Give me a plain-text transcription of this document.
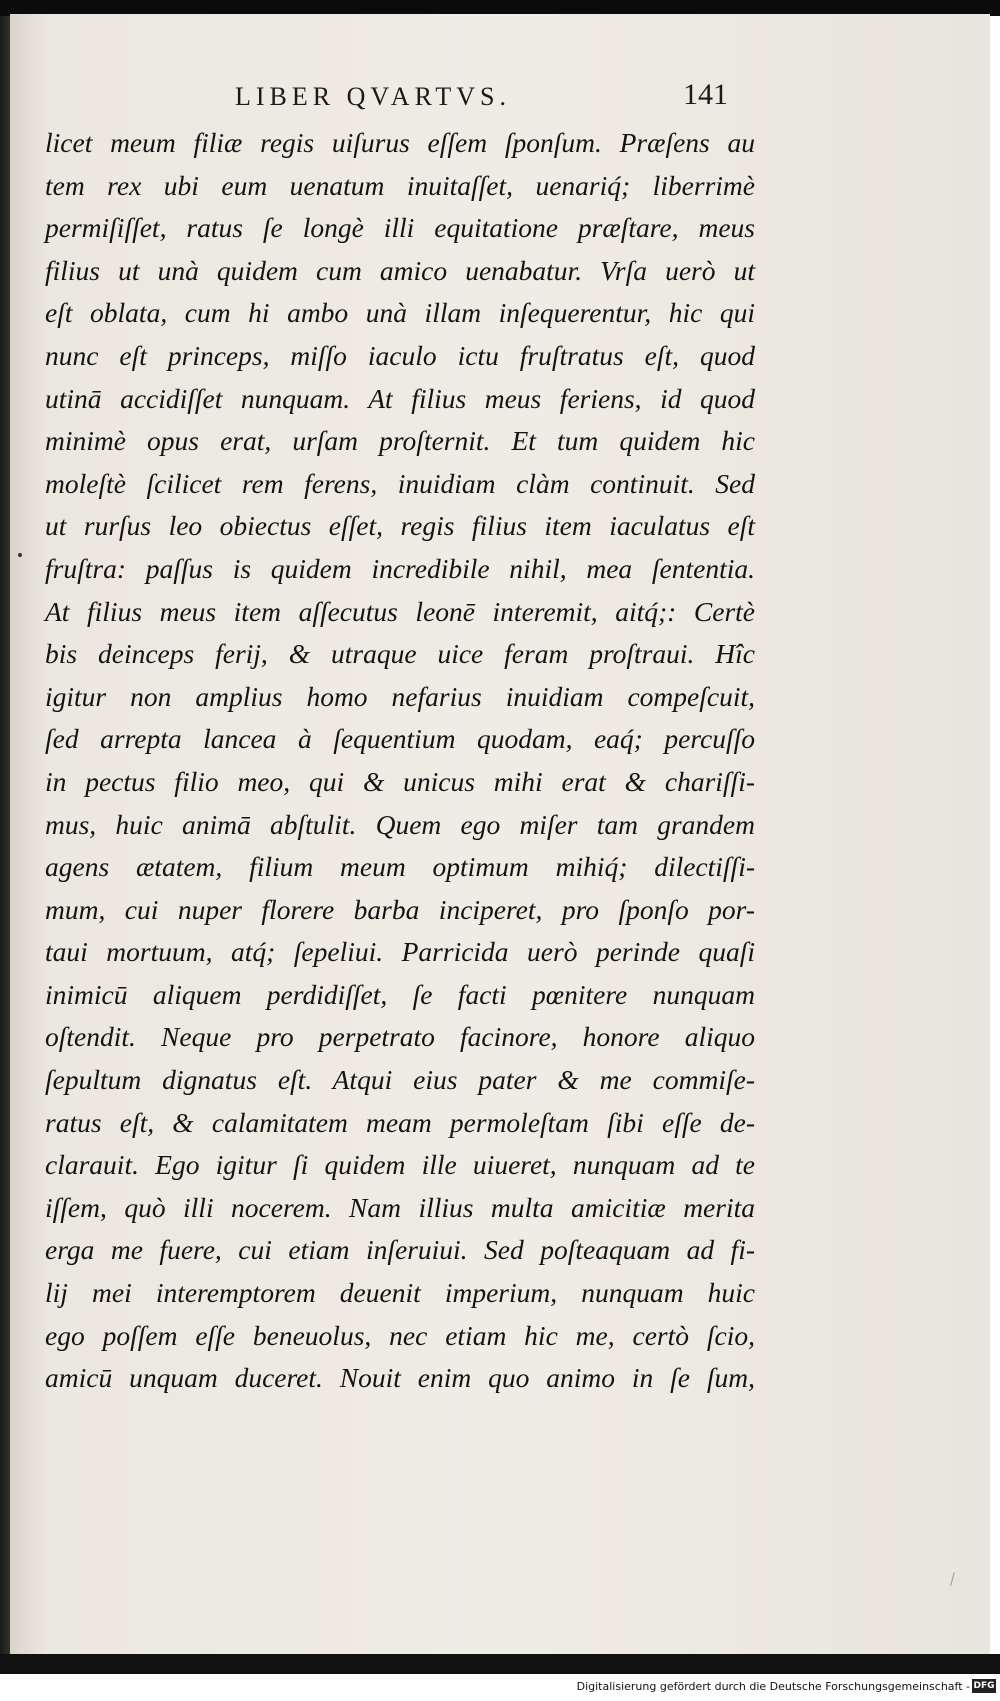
LIBER QVARTVS.	141
licet meum filiæ regis uiſurus eſſem ſponſum. Præſens au
tem rex ubi eum uenatum inuitaſſet, uenariq́; liberrimè
permiſiſſet, ratus ſe longè illi equitatione præſtare, meus
filius ut unà quidem cum amico uenabatur. Vrſa uerò ut
eſt oblata, cum hi ambo unà illam inſequerentur, hic qui
nunc eſt princeps, miſſo iaculo ictu fruſtratus eſt, quod
utinā accidiſſet nunquam. At filius meus feriens, id quod
minimè opus erat, urſam proſternit. Et tum quidem hic
moleſtè ſcilicet rem ferens, inuidiam clàm continuit. Sed
ut rurſus leo obiectus eſſet, regis filius item iaculatus eſt
fruſtra: paſſus is quidem incredibile nihil, mea ſententia.
At filius meus item aſſecutus leonē interemit, aitq́;: Certè
bis deinceps ferij, & utraque uice feram proſtraui. Hîc
igitur non amplius homo nefarius inuidiam compeſcuit,
ſed arrepta lancea à ſequentium quodam, eaq́; percuſſo
in pectus filio meo, qui & unicus mihi erat & chariſſi-
mus, huic animā abſtulit. Quem ego miſer tam grandem
agens ætatem, filium meum optimum mihiq́; dilectiſſi-
mum, cui nuper florere barba inciperet, pro ſponſo por-
taui mortuum, atq́; ſepeliui. Parricida uerò perinde quaſi
inimicū aliquem perdidiſſet, ſe facti pœnitere nunquam
oſtendit. Neque pro perpetrato facinore, honore aliquo
ſepultum dignatus eſt. Atqui eius pater & me commiſe-
ratus eſt, & calamitatem meam permoleſtam ſibi eſſe de-
clarauit. Ego igitur ſi quidem ille uiueret, nunquam ad te
iſſem, quò illi nocerem. Nam illius multa amicitiæ merita
erga me fuere, cui etiam inſeruiui. Sed poſteaquam ad fi-
lij mei interemptorem deuenit imperium, nunquam huic
ego poſſem eſſe beneuolus, nec etiam hic me, certò ſcio,
amicū unquam duceret. Nouit enim quo animo in ſe ſum,
Digitalisierung gefördert durch die Deutsche Forschungsgemeinschaft - DFG
